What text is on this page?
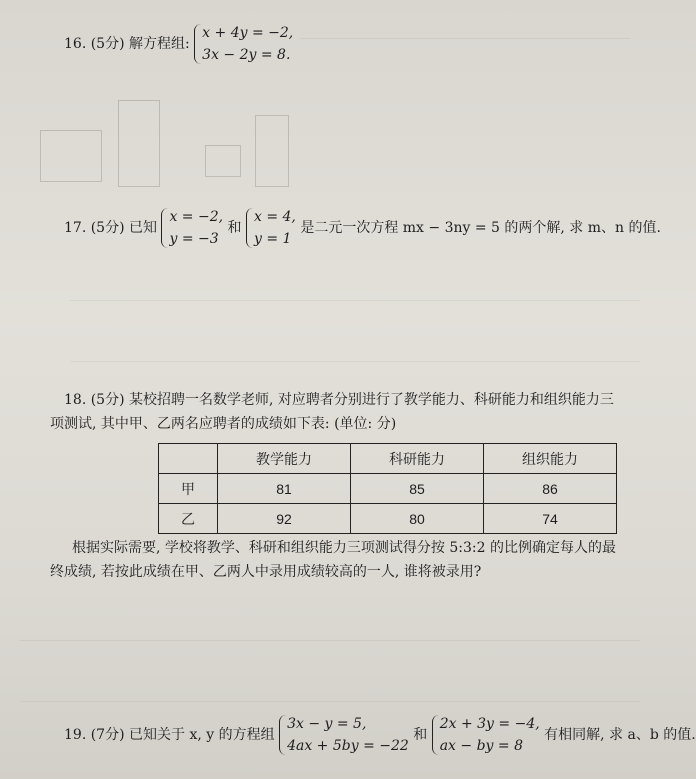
16. (5分) 解方程组:
x + 4y = −2,
3x − 2y = 8.
17. (5分) 已知
x = −2,
y = −3
和
x = 4,
y = 1
是二元一次方程 mx − 3ny = 5 的两个解, 求 m、n 的值.
18. (5分) 某校招聘一名数学老师, 对应聘者分别进行了教学能力、科研能力和组织能力三
项测试, 其中甲、乙两名应聘者的成绩如下表: (单位: 分)
	教学能力	科研能力	组织能力
甲	81	85	86
乙	92	80	74
根据实际需要, 学校将教学、科研和组织能力三项测试得分按 5:3:2 的比例确定每人的最
终成绩, 若按此成绩在甲、乙两人中录用成绩较高的一人, 谁将被录用?
19. (7分) 已知关于 x, y 的方程组
3x − y = 5,
4ax + 5by = −22
和
2x + 3y = −4,
ax − by = 8
有相同解, 求 a、b 的值.
